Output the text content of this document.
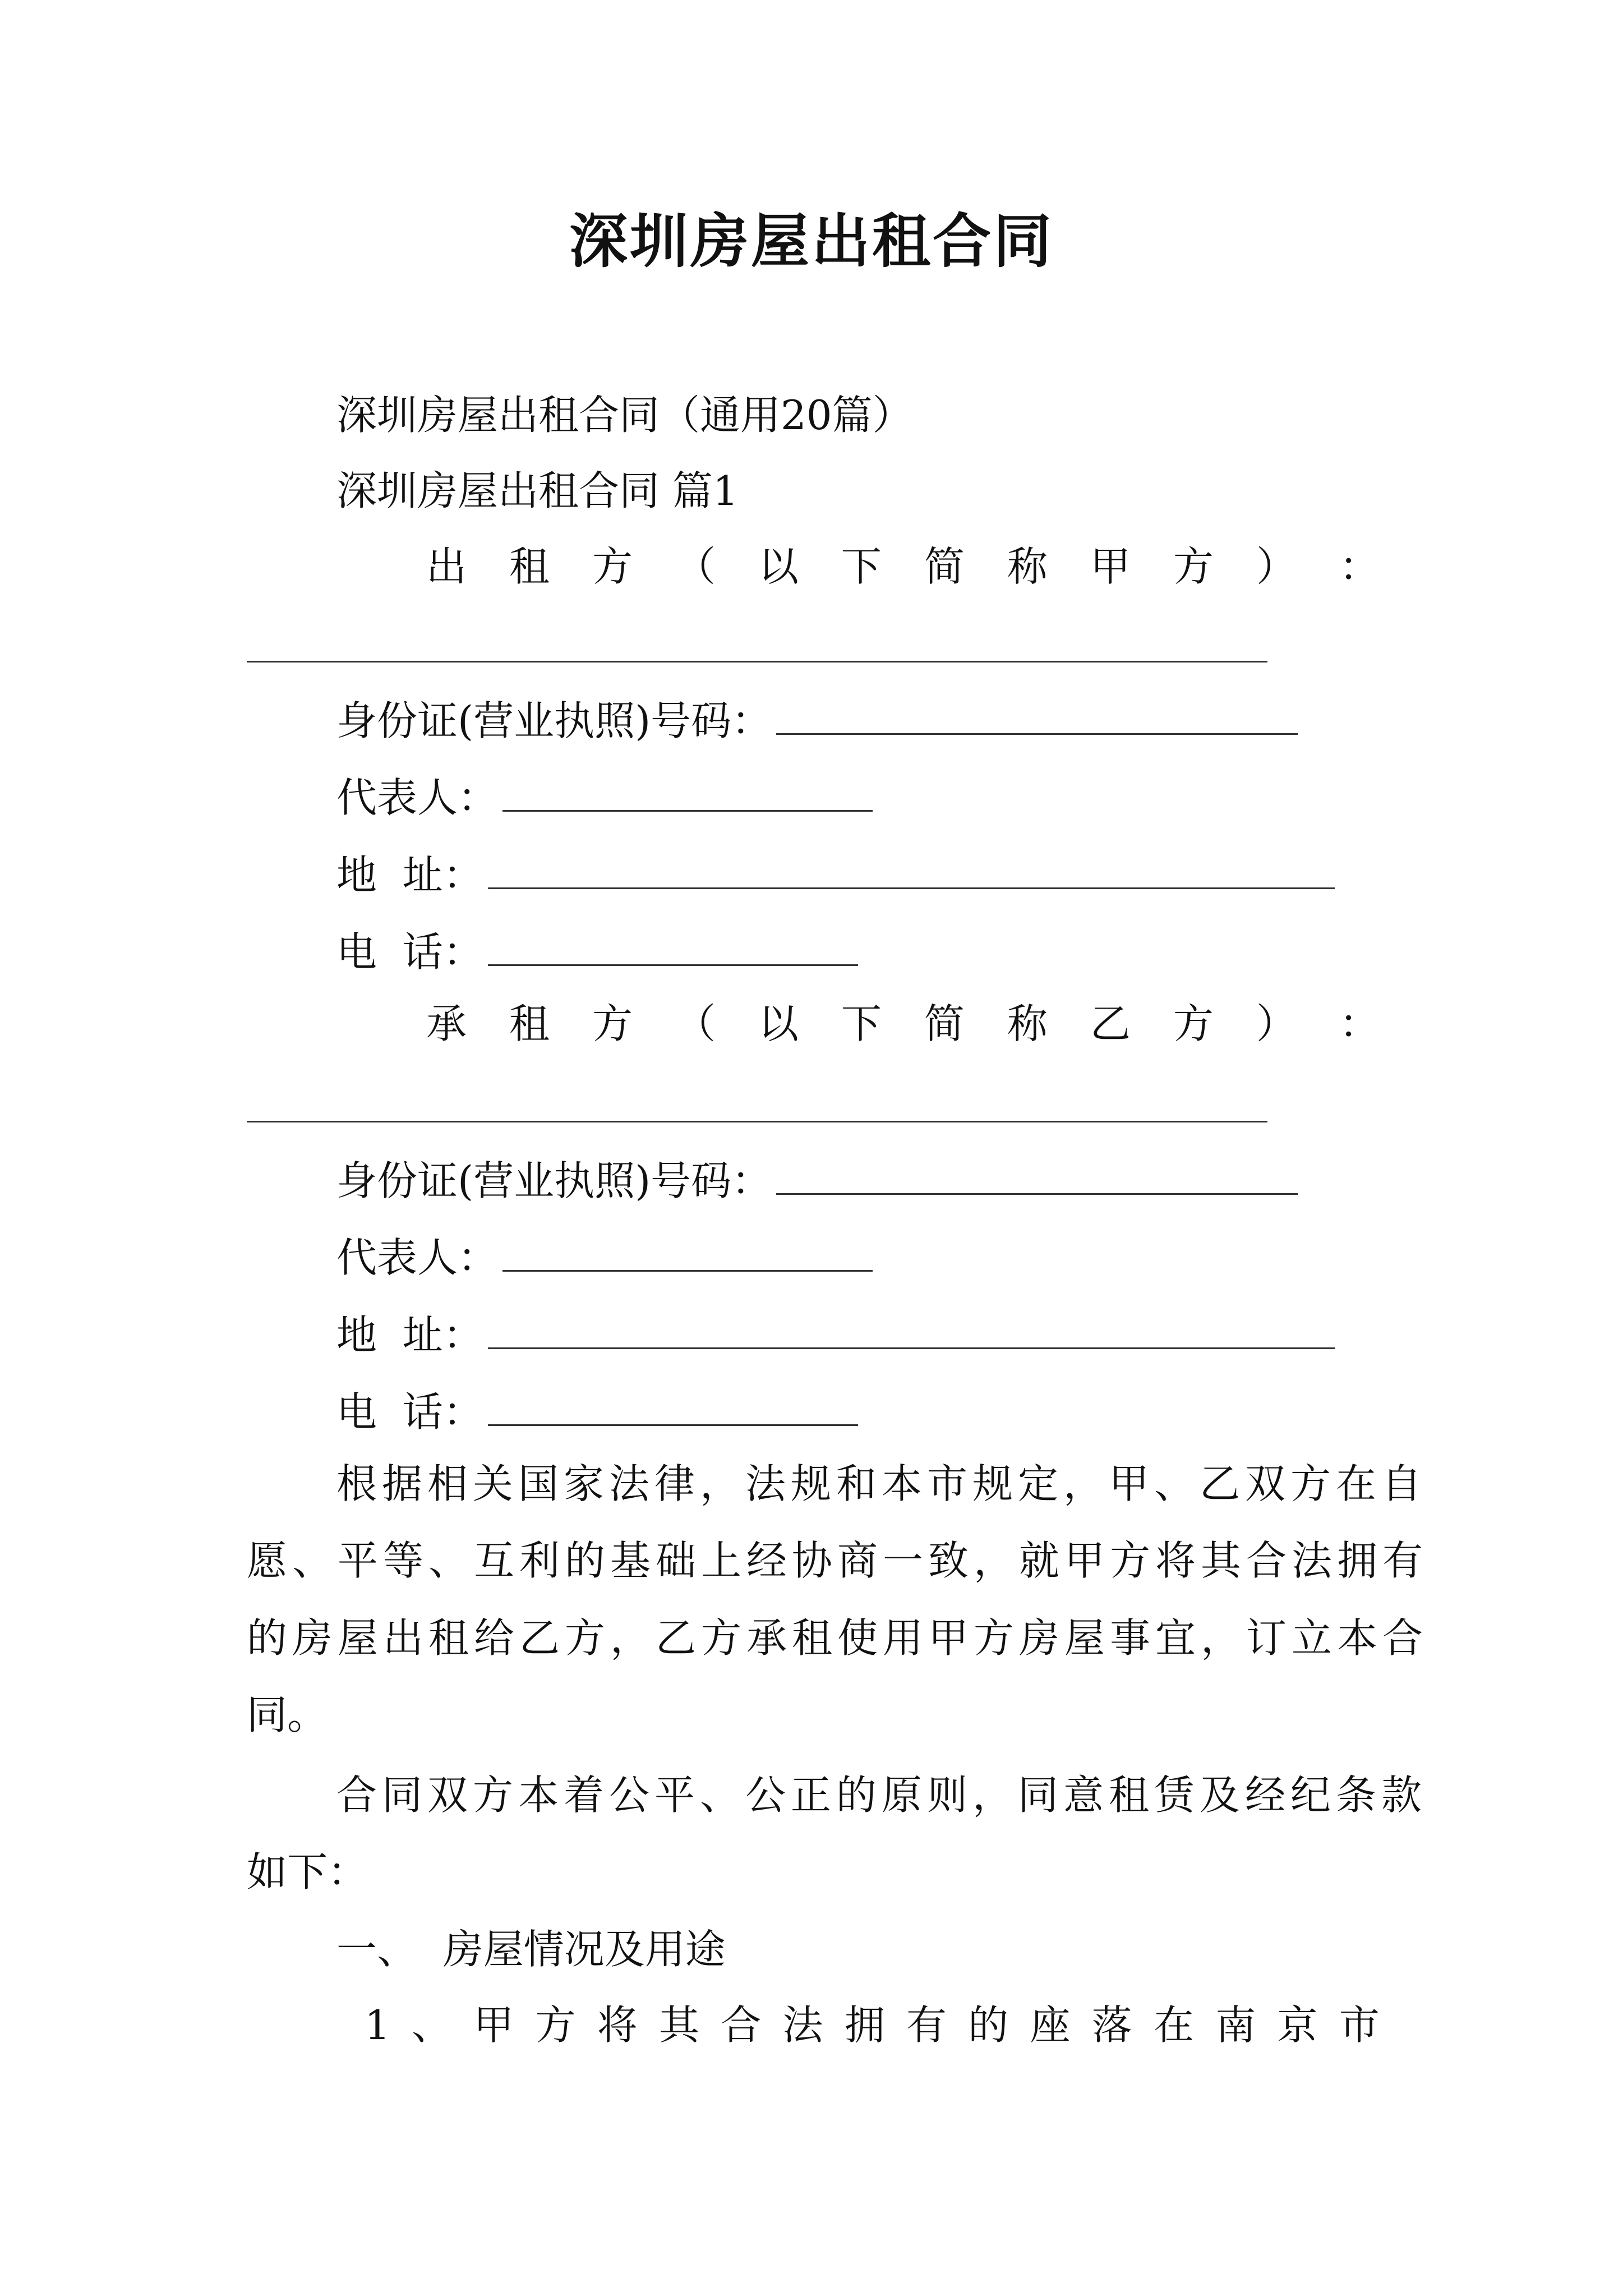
深圳房屋出租合同
深圳房屋出租合同（通用20篇）
深圳房屋出租合同 篇1
出 租 方 （ 以 下 简 称 甲 方 ） ：
身份证(营业执照)号码：
代表人：
地  址：
电  话：
承 租 方 （ 以 下 简 称 乙 方 ） ：
身份证(营业执照)号码：
代表人：
地  址：
电  话：
根据相关国家法律，法规和本市规定，甲、乙双方在自
愿、平等、互利的基础上经协商一致，就甲方将其合法拥有
的房屋出租给乙方，乙方承租使用甲方房屋事宜，订立本合
同。
合同双方本着公平、公正的原则，同意租赁及经纪条款
如下：
一、  房屋情况及用途
1 、 甲 方 将 其 合 法 拥 有 的 座 落 在 南 京 市
